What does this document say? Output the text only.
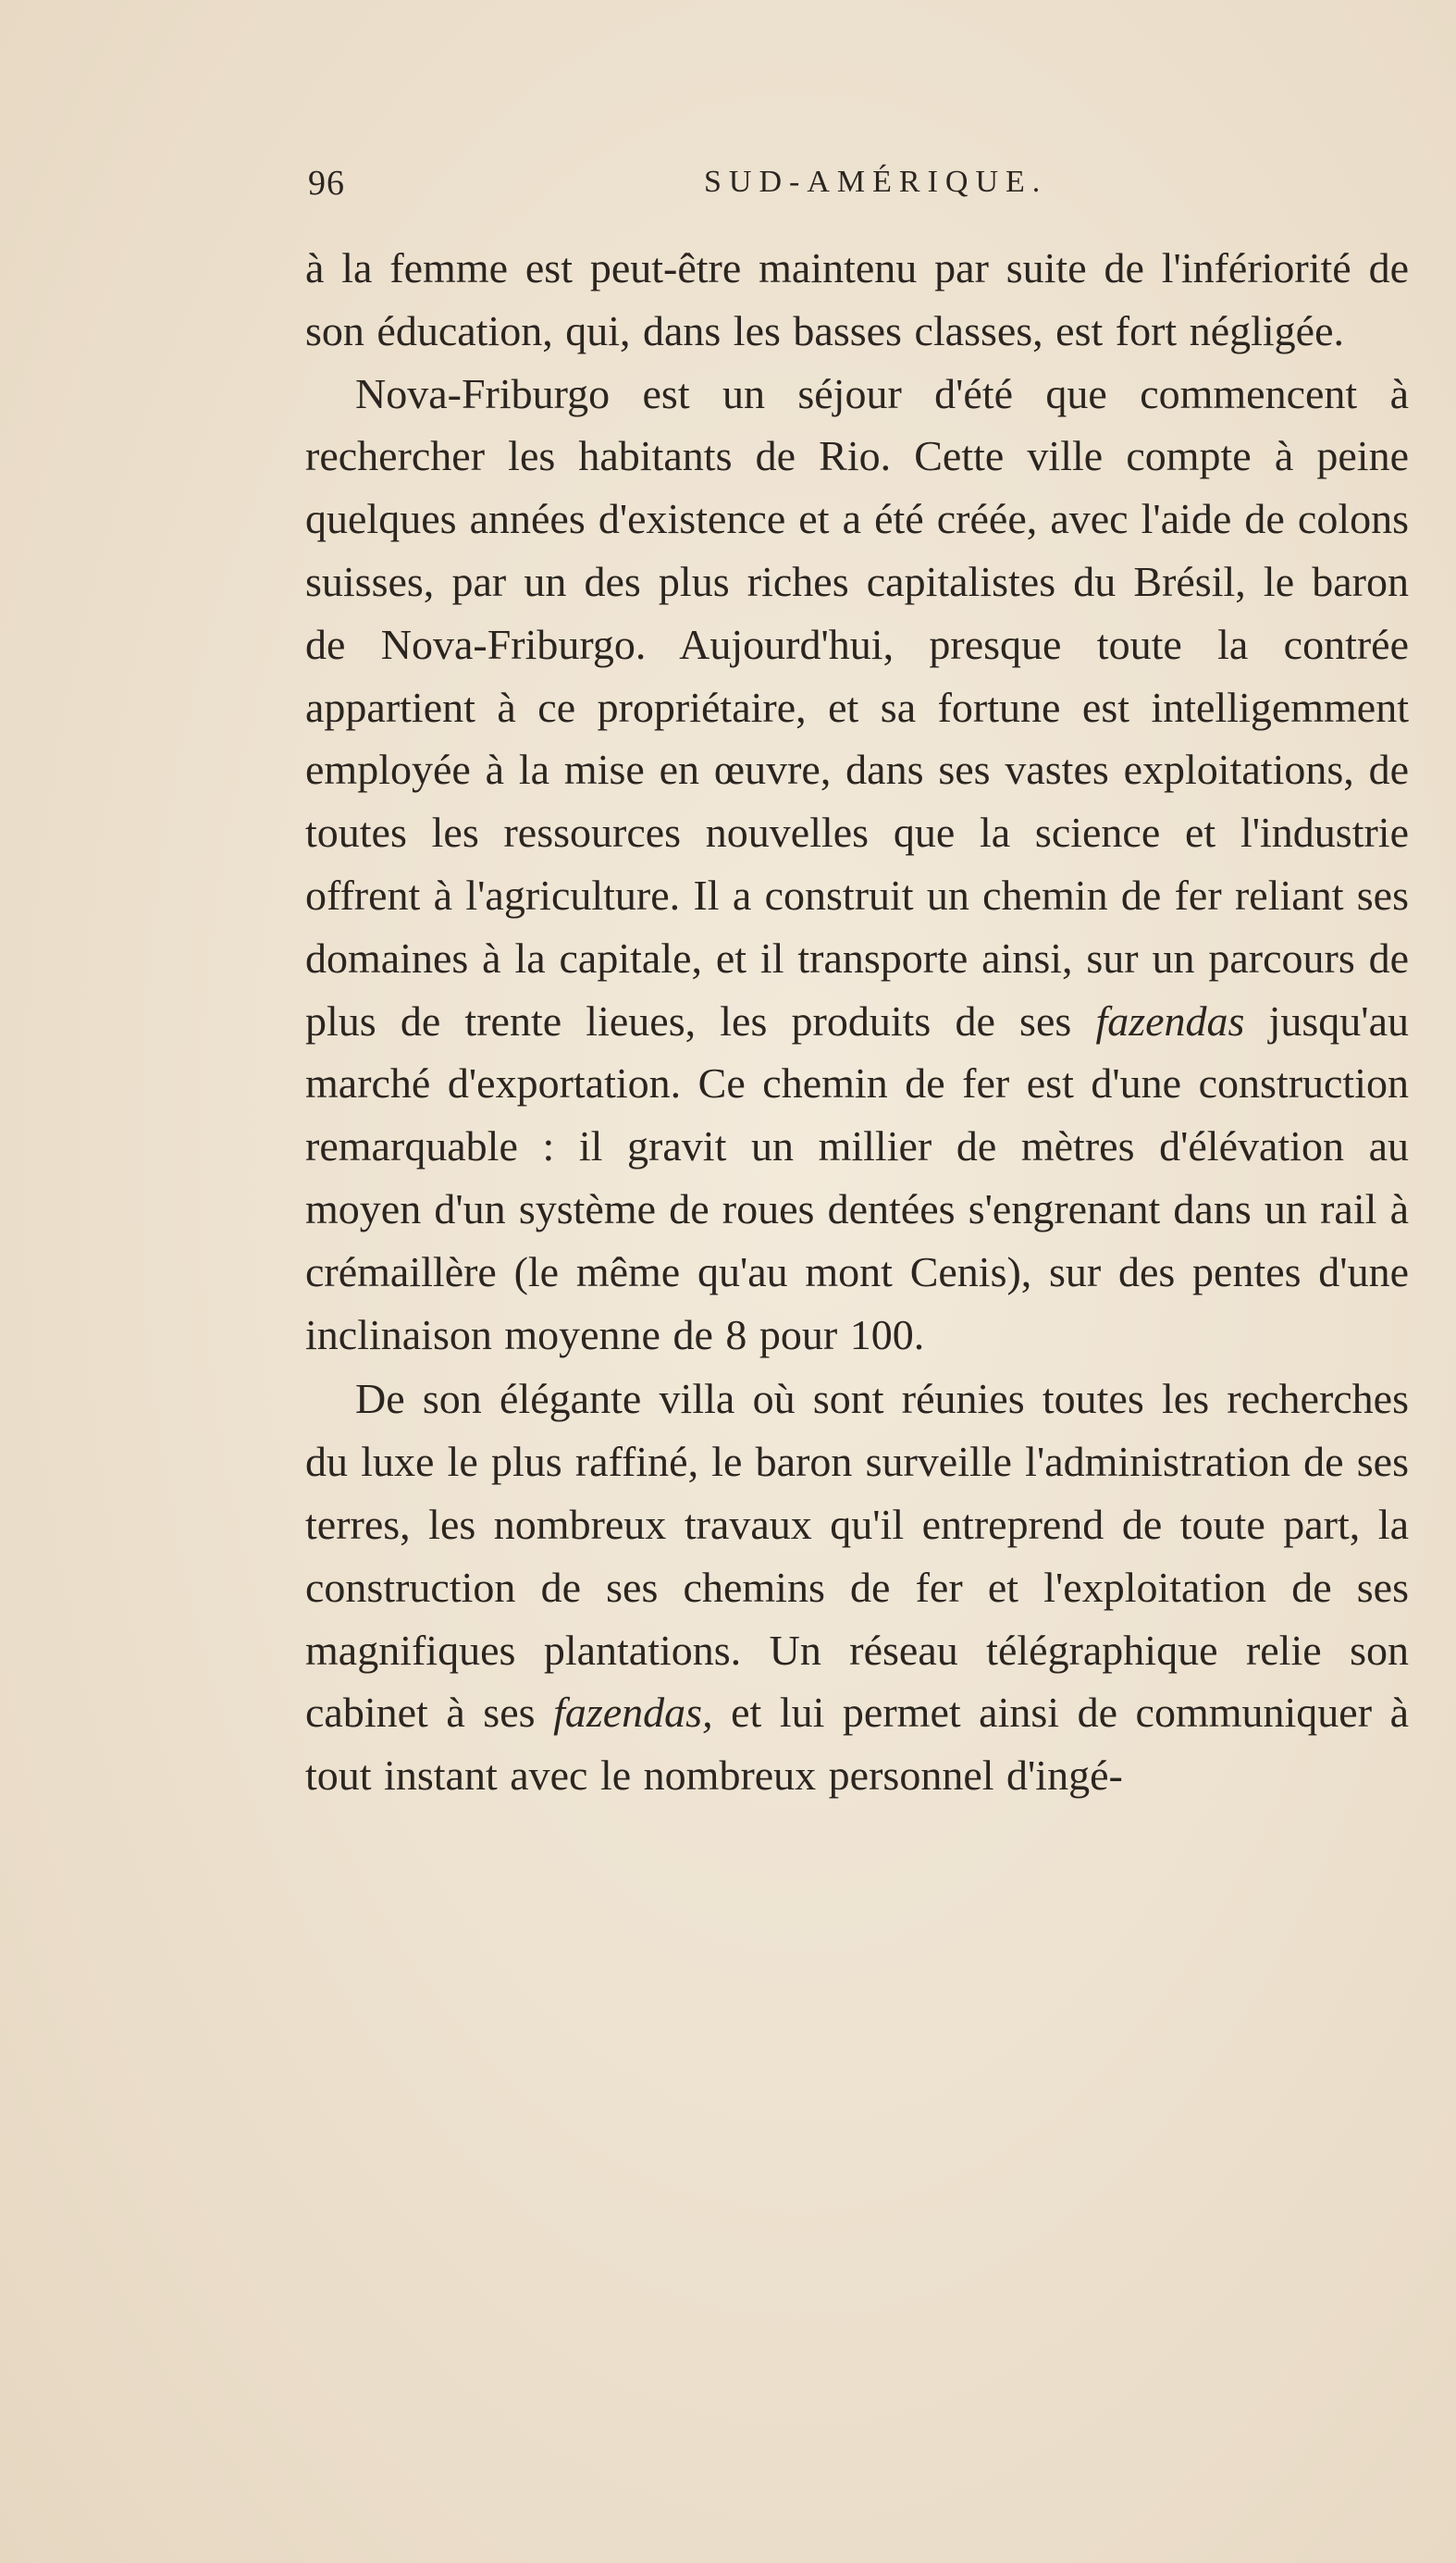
96	SUD-AMÉRIQUE.

à la femme est peut-être maintenu par suite de l'infériorité de son éducation, qui, dans les basses classes, est fort négligée.

Nova-Friburgo est un séjour d'été que commencent à rechercher les habitants de Rio. Cette ville compte à peine quelques années d'existence et a été créée, avec l'aide de colons suisses, par un des plus riches capitalistes du Brésil, le baron de Nova-Friburgo. Aujourd'hui, presque toute la contrée appartient à ce propriétaire, et sa fortune est intelligemment employée à la mise en œuvre, dans ses vastes exploitations, de toutes les ressources nouvelles que la science et l'industrie offrent à l'agriculture. Il a construit un chemin de fer reliant ses domaines à la capitale, et il transporte ainsi, sur un parcours de plus de trente lieues, les produits de ses fazendas jusqu'au marché d'exportation. Ce chemin de fer est d'une construction remarquable : il gravit un millier de mètres d'élévation au moyen d'un système de roues dentées s'engrenant dans un rail à crémaillère (le même qu'au mont Cenis), sur des pentes d'une inclinaison moyenne de 8 pour 100.

De son élégante villa où sont réunies toutes les recherches du luxe le plus raffiné, le baron surveille l'administration de ses terres, les nombreux travaux qu'il entreprend de toute part, la construction de ses chemins de fer et l'exploitation de ses magnifiques plantations. Un réseau télégraphique relie son cabinet à ses fazendas, et lui permet ainsi de communiquer à tout instant avec le nombreux personnel d'ingé-
